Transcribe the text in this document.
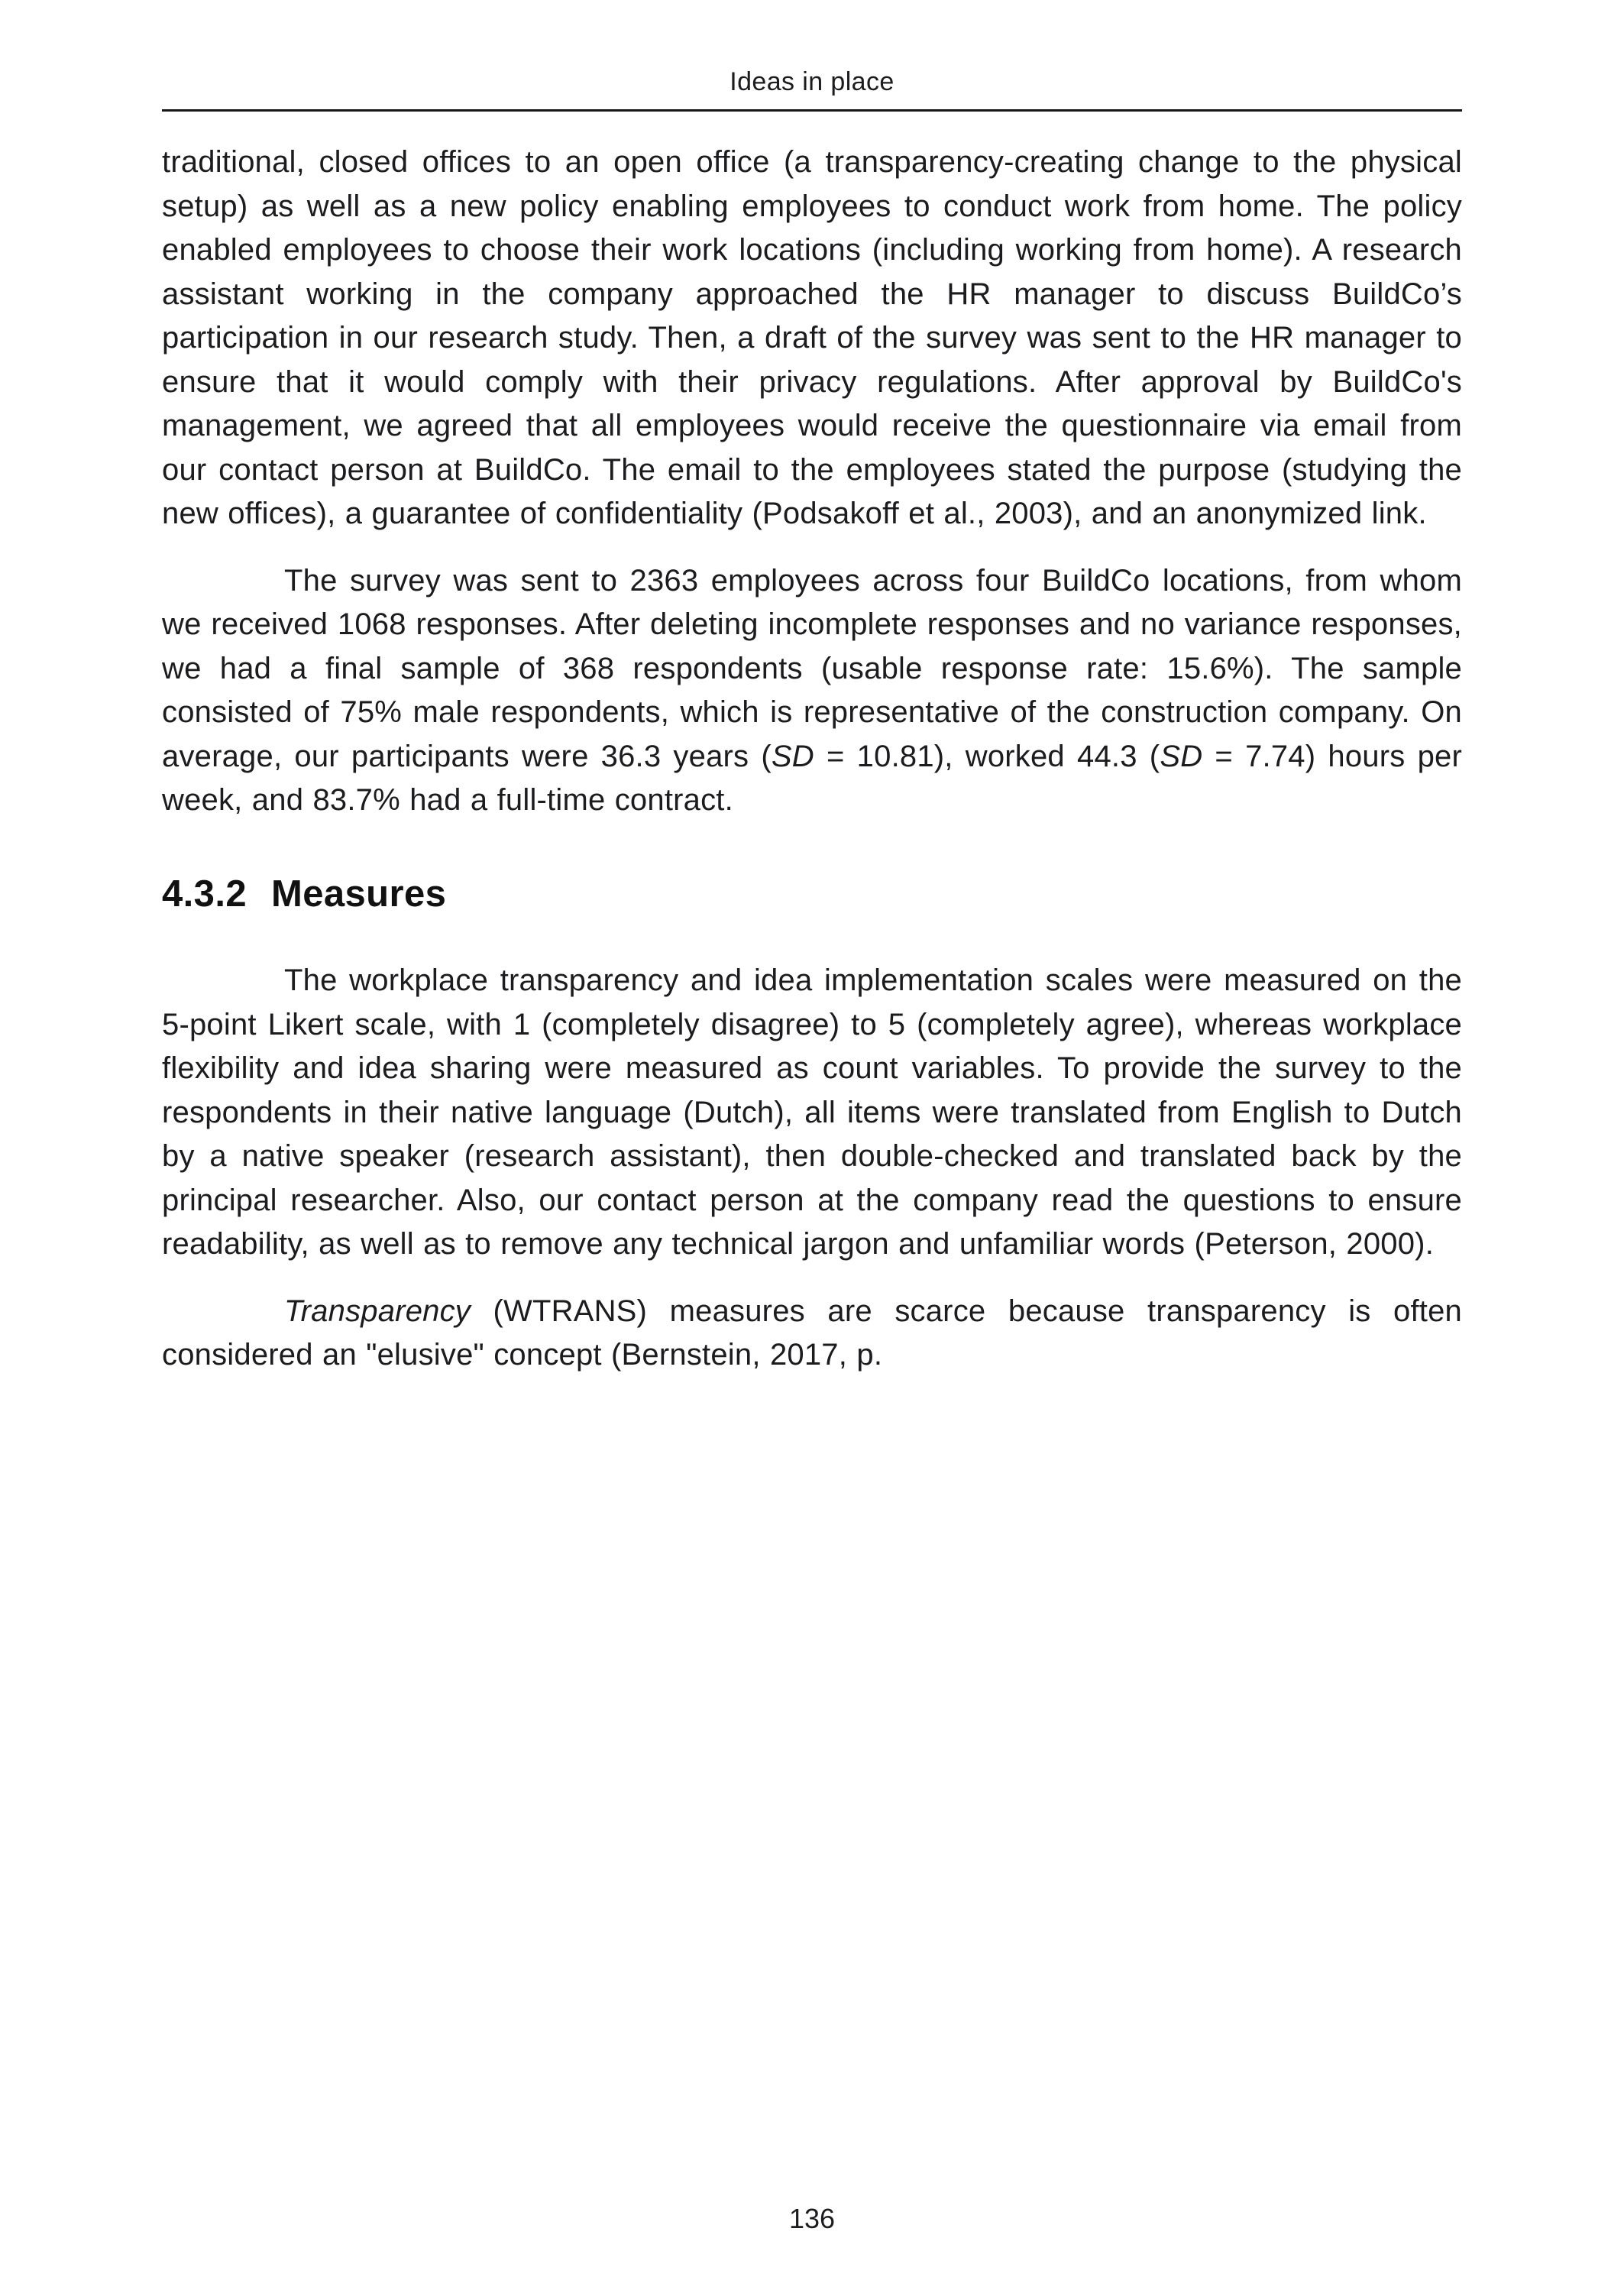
Ideas in place

traditional, closed offices to an open office (a transparency-creating change to the physical setup) as well as a new policy enabling employees to conduct work from home. The policy enabled employees to choose their work locations (including working from home). A research assistant working in the company approached the HR manager to discuss BuildCo’s participation in our research study. Then, a draft of the survey was sent to the HR manager to ensure that it would comply with their privacy regulations. After approval by BuildCo's management, we agreed that all employees would receive the questionnaire via email from our contact person at BuildCo. The email to the employees stated the purpose (studying the new offices), a guarantee of confidentiality (Podsakoff et al., 2003), and an anonymized link.

The survey was sent to 2363 employees across four BuildCo locations, from whom we received 1068 responses. After deleting incomplete responses and no variance responses, we had a final sample of 368 respondents (usable response rate: 15.6%). The sample consisted of 75% male respondents, which is representative of the construction company. On average, our participants were 36.3 years (SD = 10.81), worked 44.3 (SD = 7.74) hours per week, and 83.7% had a full-time contract.

4.3.2 Measures

The workplace transparency and idea implementation scales were measured on the 5-point Likert scale, with 1 (completely disagree) to 5 (completely agree), whereas workplace flexibility and idea sharing were measured as count variables. To provide the survey to the respondents in their native language (Dutch), all items were translated from English to Dutch by a native speaker (research assistant), then double-checked and translated back by the principal researcher. Also, our contact person at the company read the questions to ensure readability, as well as to remove any technical jargon and unfamiliar words (Peterson, 2000).

Transparency (WTRANS) measures are scarce because transparency is often considered an "elusive" concept (Bernstein, 2017, p.

136
